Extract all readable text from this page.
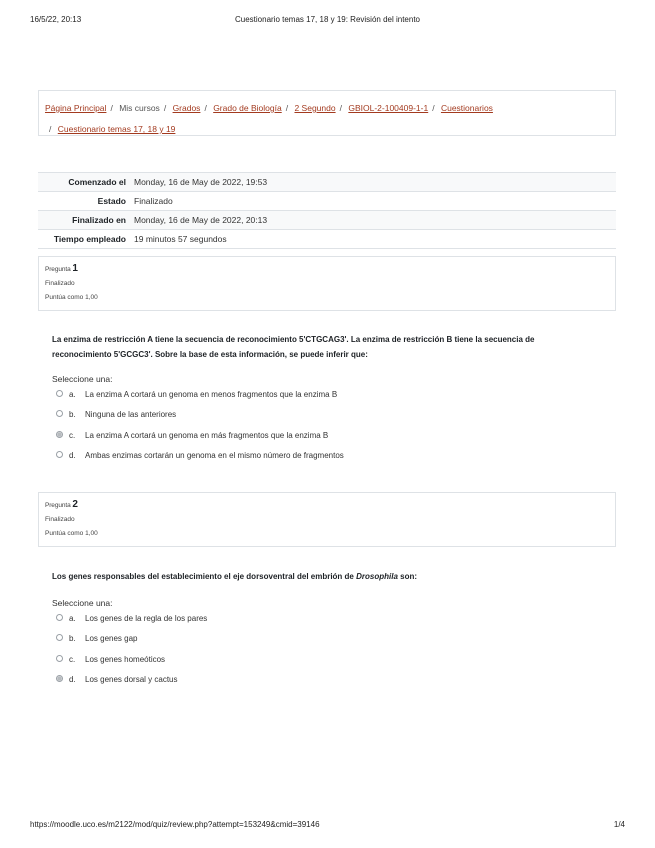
16/5/22, 20:13	Cuestionario temas 17, 18 y 19: Revisión del intento
Página Principal / Mis cursos / Grados / Grado de Biología / 2 Segundo / GBIOL-2-100409-1-1 / Cuestionarios
/ Cuestionario temas 17, 18 y 19
Comenzado el	Monday, 16 de May de 2022, 19:53
Estado	Finalizado
Finalizado en	Monday, 16 de May de 2022, 20:13
Tiempo empleado	19 minutos 57 segundos
Pregunta 1
Finalizado
Puntúa como 1,00
La enzima de restricción A tiene la secuencia de reconocimiento 5'CTGCAG3'. La enzima de restricción B tiene la secuencia de reconocimiento 5'GCGC3'. Sobre la base de esta información, se puede inferir que:
Seleccione una:
a. La enzima A cortará un genoma en menos fragmentos que la enzima B
b. Ninguna de las anteriores
c. La enzima A cortará un genoma en más fragmentos que la enzima B
d. Ambas enzimas cortarán un genoma en el mismo número de fragmentos
Pregunta 2
Finalizado
Puntúa como 1,00
Los genes responsables del establecimiento el eje dorsoventral del embrión de Drosophila son:
Seleccione una:
a. Los genes de la regla de los pares
b. Los genes gap
c. Los genes homeóticos
d. Los genes dorsal y cactus
https://moodle.uco.es/m2122/mod/quiz/review.php?attempt=153249&cmid=39146	1/4
